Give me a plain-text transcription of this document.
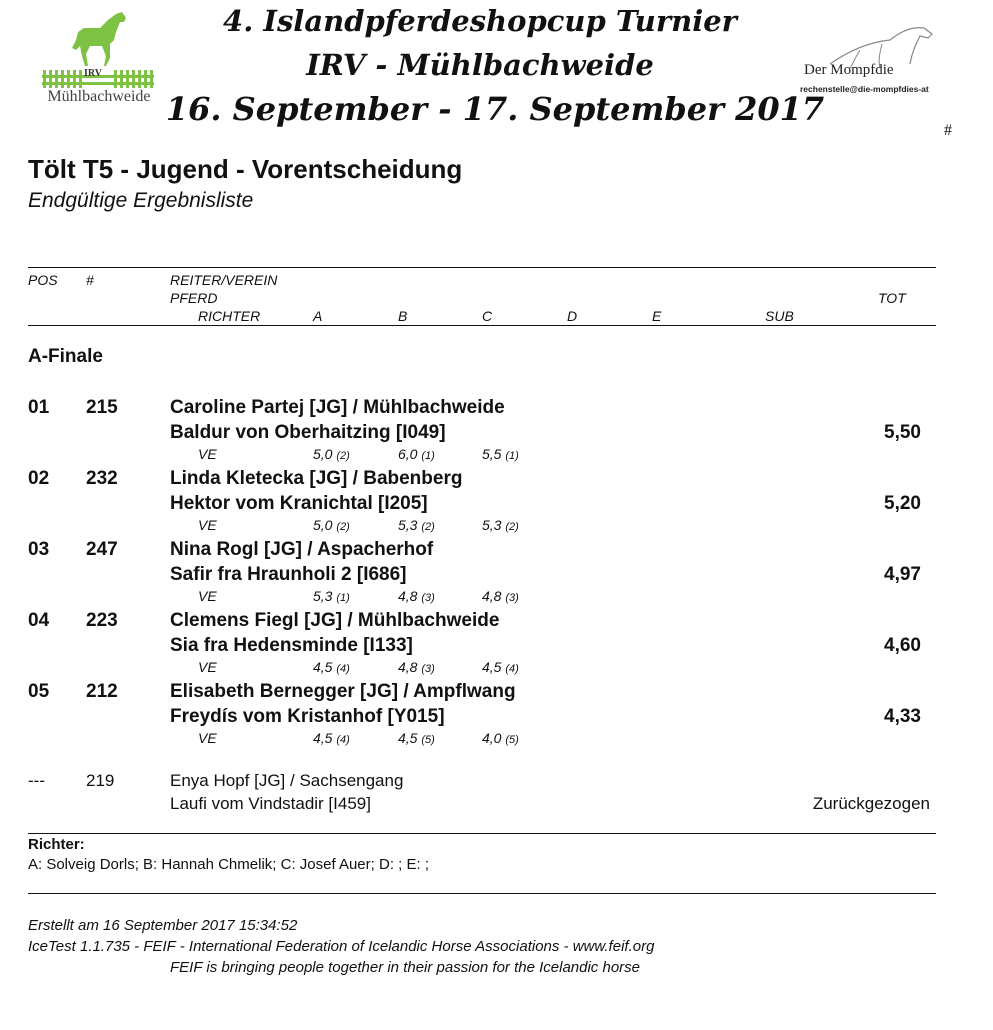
IRV
Mühlbachweide
4. Islandpferdeshopcup Turnier
IRV - Mühlbachweide
16. September - 17. September 2017
Der Mompfdie
rechenstelle@die-mompfdies-at
#
Tölt T5 - Jugend - Vorentscheidung
Endgültige Ergebnisliste
POS #	REITER/VEREIN
PFERD	TOT
RICHTER	A	B	C	D	E	SUB
A-Finale
01 215	Caroline Partej [JG] / Mühlbachweide
Baldur von Oberhaitzing [I049]	5,50
VE	5,0 (2)	6,0 (1)	5,5 (1)
02 232	Linda Kletecka [JG] / Babenberg
Hektor vom Kranichtal [I205]	5,20
VE	5,0 (2)	5,3 (2)	5,3 (2)
03 247	Nina Rogl [JG] / Aspacherhof
Safir fra Hraunholi 2 [I686]	4,97
VE	5,3 (1)	4,8 (3)	4,8 (3)
04 223	Clemens Fiegl [JG] / Mühlbachweide
Sia fra Hedensminde [I133]	4,60
VE	4,5 (4)	4,8 (3)	4,5 (4)
05 212	Elisabeth Bernegger [JG] / Ampflwang
Freydís vom Kristanhof [Y015]	4,33
VE	4,5 (4)	4,5 (5)	4,0 (5)
--- 219	Enya Hopf [JG] / Sachsengang
Laufi vom Vindstadir [I459]	Zurückgezogen
Richter:
A: Solveig Dorls; B: Hannah Chmelik; C: Josef Auer; D: ; E: ;
Erstellt am 16 September 2017 15:34:52
IceTest 1.1.735 - FEIF - International Federation of Icelandic Horse Associations - www.feif.org
FEIF is bringing people together in their passion for the Icelandic horse
